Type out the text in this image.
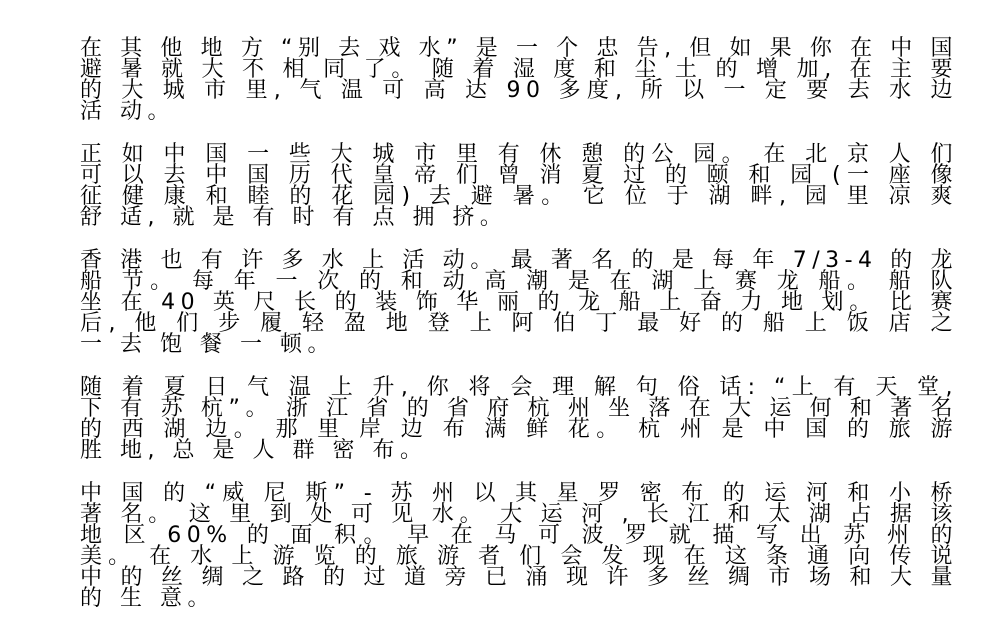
在 其 他 地 方 “别 去 戏 水” 是 一 个 忠 告, 但 如 果 你 在 中 国 避 暑 就 大 不 相 同 了。 随 着 湿 度 和 尘 土 的 增 加, 在 主 要 的 大 城 市 里, 气 温 可 高 达 90 多度, 所 以 一 定 要 去 水 边 活 动。

正 如 中 国 一 些 大 城 市 里 有 休 憩 的公 园。 在 北 京 人 们 可 以 去 中 国 历 代 皇 帝 们 曾 消 夏 过 的 颐 和 园 (一 座 像 征 健 康 和 睦 的 花 园) 去 避 暑。 它 位 于 湖 畔, 园 里 凉 爽 舒 适, 就 是 有 时 有 点 拥 挤。

香 港 也 有 许 多 水 上 活 动。 最 著 名 的 是 每 年 7/3-4 的 龙 船 节。 每 年 一 次 的 和 动 高 潮 是 在 湖 上 赛 龙 船。 船 队 坐 在 40 英 尺 长 的 装 饰 华 丽 的 龙 船 上 奋 力 地 划。 比 赛 后, 他 们 步 履 轻 盈 地 登 上 阿 伯 丁 最 好 的 船 上 饭 店 之 一 去 饱 餐 一 顿。

随 着 夏 日 气 温 上 升, 你 将 会 理 解 句 俗 话: “上 有 天 堂, 下 有 苏 杭”。 浙 江 省 的 省 府 杭 州 坐 落 在 大 运 何 和 著 名 的 西 湖 边。 那 里 岸 边 布 满 鲜 花。 杭 州 是 中 国 的 旅 游 胜 地, 总 是 人 群 密 布。

中 国 的 “威 尼 斯” - 苏 州 以 其 星 罗 密 布 的 运 河 和 小 桥 著 名。 这 里 到 处 可 见 水。 大 运 河 , 长 江 和 太 湖 占 据 该 地 区 60% 的 面 积。 早 在 马 可 波 罗 就 描 写 出 苏 州 的 美。 在 水 上 游 览 的 旅 游 者 们 会 发 现 在 这 条 通 向 传 说 中 的 丝 绸 之 路 的 过 道 旁 已 涌 现 许 多 丝 绸 市 场 和 大 量 的 生 意。
